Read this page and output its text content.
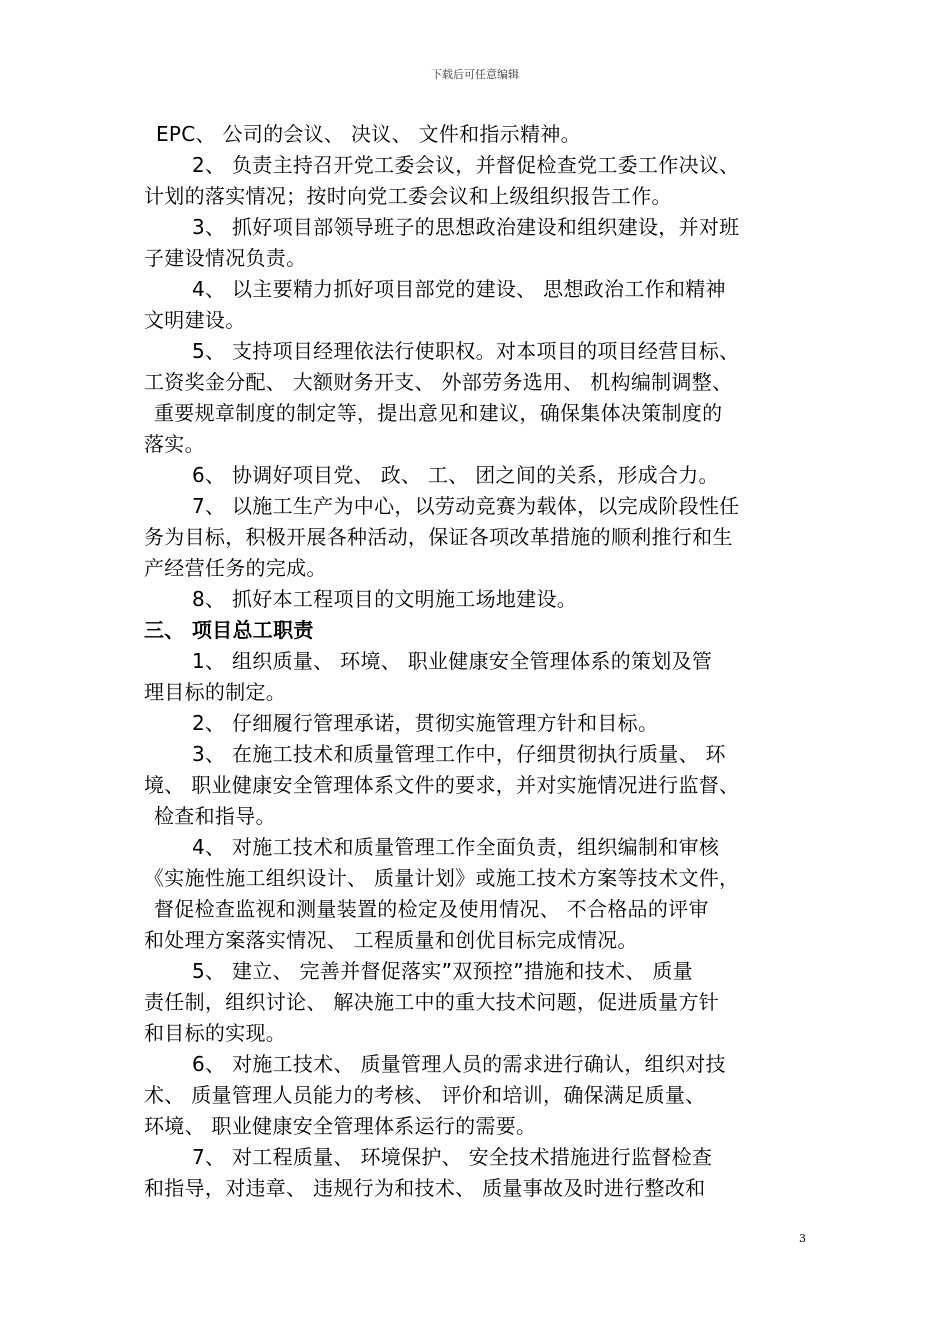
下载后可任意编辑
EPC、 公司的会议、 决议、 文件和指示精神。
2、 负责主持召开党工委会议，并督促检查党工委工作决议、
计划的落实情况；按时向党工委会议和上级组织报告工作。
3、 抓好项目部领导班子的思想政治建设和组织建设，并对班
子建设情况负责。
4、 以主要精力抓好项目部党的建设、 思想政治工作和精神
文明建设。
5、 支持项目经理依法行使职权。对本项目的项目经营目标、
工资奖金分配、 大额财务开支、 外部劳务选用、 机构编制调整、
重要规章制度的制定等，提出意见和建议，确保集体决策制度的
落实。
6、 协调好项目党、 政、 工、 团之间的关系，形成合力。
7、 以施工生产为中心，以劳动竞赛为载体，以完成阶段性任
务为目标，积极开展各种活动，保证各项改革措施的顺利推行和生
产经营任务的完成。
8、 抓好本工程项目的文明施工场地建设。
三、 项目总工职责
1、 组织质量、 环境、 职业健康安全管理体系的策划及管
理目标的制定。
2、 仔细履行管理承诺，贯彻实施管理方针和目标。
3、 在施工技术和质量管理工作中，仔细贯彻执行质量、 环
境、 职业健康安全管理体系文件的要求，并对实施情况进行监督、
检查和指导。
4、 对施工技术和质量管理工作全面负责，组织编制和审核
《实施性施工组织设计、 质量计划》或施工技术方案等技术文件，
督促检查监视和测量装置的检定及使用情况、 不合格品的评审
和处理方案落实情况、 工程质量和创优目标完成情况。
5、 建立、 完善并督促落实”双预控”措施和技术、 质量
责任制，组织讨论、 解决施工中的重大技术问题，促进质量方针
和目标的实现。
6、 对施工技术、 质量管理人员的需求进行确认，组织对技
术、 质量管理人员能力的考核、 评价和培训，确保满足质量、
环境、 职业健康安全管理体系运行的需要。
7、 对工程质量、 环境保护、 安全技术措施进行监督检查
和指导，对违章、 违规行为和技术、 质量事故及时进行整改和
3
